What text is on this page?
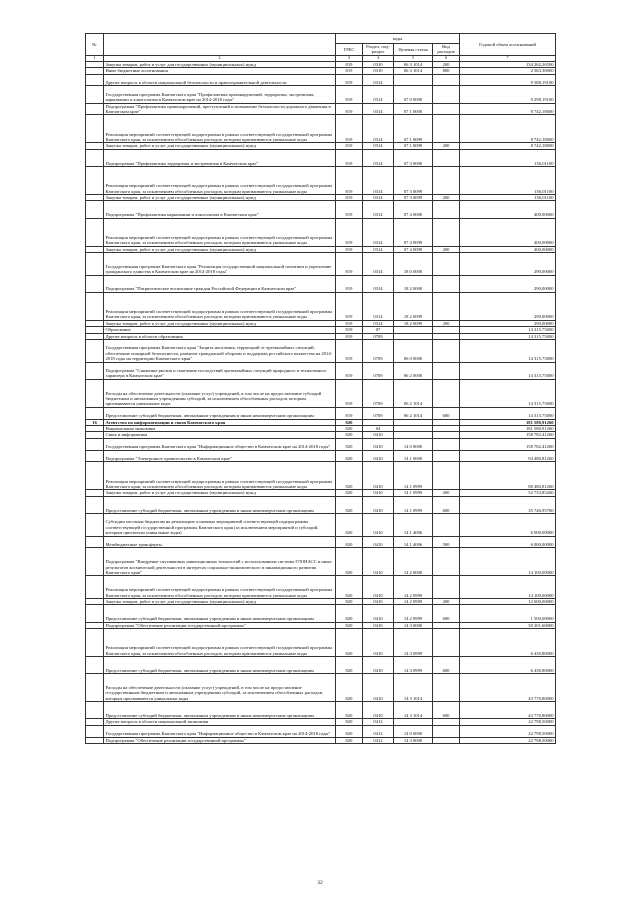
№		коды				Годовой объем ассигнований
		ГРБС	Раздел, под-раздел	Целевая статья	Вид расходов	
1	2	3	4	5	6	7
	Закупка товаров, работ и услуг для государственных (муниципальных) нужд	819	0310	06 3 1014	200	134 262,26500
	Иные бюджетные ассигнования	819	0310	06 3 1014	800	2 563,30000
	Другие вопросы в области национальной безопасности и правоохранительной деятельности	819	0314			9 588,19100
	Государственная программа Камчатского края "Профилактика правонарушений, терроризма, экстремизма, наркомании и алкоголизма в Камчатском крае на 2014-2018 годы"	819	0314	07 0 0000		9 298,19100
	Подпрограмма "Профилактика правонарушений, преступлений и повышение безопасности дорожного движения в Камчатском крае"	819	0314	07 1 0000		8 742,18000
	Реализация мероприятий соответствующей подпрограммы в рамках соответствующей государственной программы Камчатского края, за исключением обособленных расходов, которым присваиваются уникальные коды	819	0314	07 1 0099		8 742,18000
	Закупка товаров, работ и услуг для государственных (муниципальных) нужд	819	0314	07 1 0099	200	8 742,18000
	Подпрограмма "Профилактика терроризма и экстремизма в Камчатском крае"	819	0314	07 3 0000		156,01100
	Реализация мероприятий соответствующей подпрограммы в рамках соответствующей государственной программы Камчатского края, за исключением обособленных расходов, которым присваиваются уникальные коды	819	0314	07 3 0099		156,01100
	Закупка товаров, работ и услуг для государственных (муниципальных) нужд	819	0314	07 3 0099	200	156,01100
	Подпрограмма "Профилактика наркомании и алкоголизма в Камчатском крае"	819	0314	07 4 0000		400,00000
	Реализация мероприятий соответствующей подпрограммы в рамках соответствующей государственной программы Камчатского края, за исключением обособленных расходов, которым присваиваются уникальные коды	819	0314	07 4 0099		400,00000
	Закупка товаров, работ и услуг для государственных (муниципальных) нужд	819	0314	07 4 0099	200	400,00000
	Государственная программа Камчатского края "Реализация государственной национальной политики и укрепление гражданского единства в Камчатском крае на 2014-2018 годы"	819	0314	18 0 0000		290,00000
	Подпрограмма "Патриотическое воспитание граждан Российской Федерации в Камчатском крае"	819	0314	18 2 0000		290,00000
	Реализация мероприятий соответствующей подпрограммы в рамках соответствующей государственной программы Камчатского края, за исключением обособленных расходов, которым присваиваются уникальные коды	819	0314	18 2 0099		290,00000
	Закупка товаров, работ и услуг для государственных (муниципальных) нужд	819	0314	18 2 0099	200	290,00000
	Образование	819	07			14 315,75000
	Другие вопросы в области образования	819	0709			14 315,75000
	Государственная программа Камчатского края "Защита населения, территорий от чрезвычайных ситуаций, обеспечение пожарной безопасности, развитие гражданской обороны и поддержка российского казачества на 2014-2018 годы на территории Камчатского края"	819	0709	06 0 0000		14 315,75000
	Подпрограмма "Снижение рисков и смягчение последствий чрезвычайных ситуаций природного и техногенного характера в Камчатском крае"	819	0709	06 2 0000		14 315,75000
	Расходы на обеспечение деятельности (оказание услуг) учреждений, в том числе на предоставление субсидий бюджетным и автономным учреждениям субсидий, за исключением обособленных расходов, которым присваиваются уникальные коды	819	0709	06 2 1014		14 315,75000
	Предоставление субсидий бюджетным, автономным учреждениям и иным некоммерческим организациям	819	0709	06 2 1014	600	14 315,75000
16	Агентство по информатизации и связи Камчатского края	820				181 580,91260
	Национальная экономика	820	04			181 580,91260
	Связь и информатика	820	0410			158 782,41260
	Государственная программа Камчатского края "Информационное общество в Камчатском крае на 2014-2018 годы"	820	0410	14 0 0000		158 782,41260
	Подпрограмма "Электронное правительство в Камчатском крае"	820	0410	14 1 0000		94 480,81260
	Реализация мероприятий соответствующей подпрограммы в рамках соответствующей государственной программы Камчатского края, за исключением обособленных расходов, которым присваиваются уникальные коды	820	0410	14 1 0999		88 480,81260
	Закупка товаров, работ и услуг для государственных (муниципальных) нужд	820	0410	14 1 0999	200	52 733,85260
	Предоставление субсидий бюджетным, автономным учреждениям и иным некоммерческим организациям	820	0410	14 1 0999	600	35 746,95760
	Субсидии местным бюджетам на реализацию основных мероприятий соответствующей подпрограммы соответствующей государственной программы Камчатского края (за исключением мероприятий и субсидий, которым присвоены уникальные коды)	820	0410	14 1 4006		6 000,00000
	Межбюджетные трансферты	820	0410	14 1 4006	500	6 000,00000
	Подпрограмма "Внедрение спутниковых навигационных технологий с использованием системы ГЛОНАСС и иных результатов космической деятельности в интересах социально-экономического и инновационного развития Камчатского края"	820	0410	14 2 0000		14 100,00000
	Реализация мероприятий соответствующей подпрограммы в рамках соответствующей государственной программы Камчатского края, за исключением обособленных расходов, которым присваиваются уникальные коды	820	0410	14 2 0999		14 100,00000
	Закупка товаров, работ и услуг для государственных (муниципальных) нужд	820	0410	14 2 0999	200	12 600,00000
	Предоставление субсидий бюджетным, автономным учреждениям и иным некоммерческим организациям	820	0410	14 2 0999	600	1 500,00000
	Подпрограмма "Обеспечение реализации государственной программы"	820	0410	14 3 0000		50 201,60000
	Реализация мероприятий соответствующей подпрограммы в рамках соответствующей государственной программы Камчатского края, за исключением обособленных расходов, которым присваиваются уникальные коды	820	0410	14 3 0999		6 430,80000
	Предоставление субсидий бюджетным, автономным учреждениям и иным некоммерческим организациям	820	0410	14 3 0999	600	6 430,80000
	Расходы на обеспечение деятельности (оказание услуг) учреждений, в том числе на предоставление государственным бюджетным и автономным учреждениям субсидий, за исключением обособленных расходов, которым присваиваются уникальные коды	820	0410	14 3 1014		43 770,80000
	Предоставление субсидий бюджетным, автономным учреждениям и иным некоммерческим организациям	820	0410	14 3 1014	600	43 770,80000
	Другие вопросы в области национальной экономики	820	0412			22 798,50000
	Государственная программа Камчатского края "Информационное общество в Камчатском крае на 2014-2018 годы"	820	0412	14 0 0000		22 798,50000
	Подпрограмма "Обеспечение реализации государственной программы"	820	0412	14 3 0000		22 798,50000
32
